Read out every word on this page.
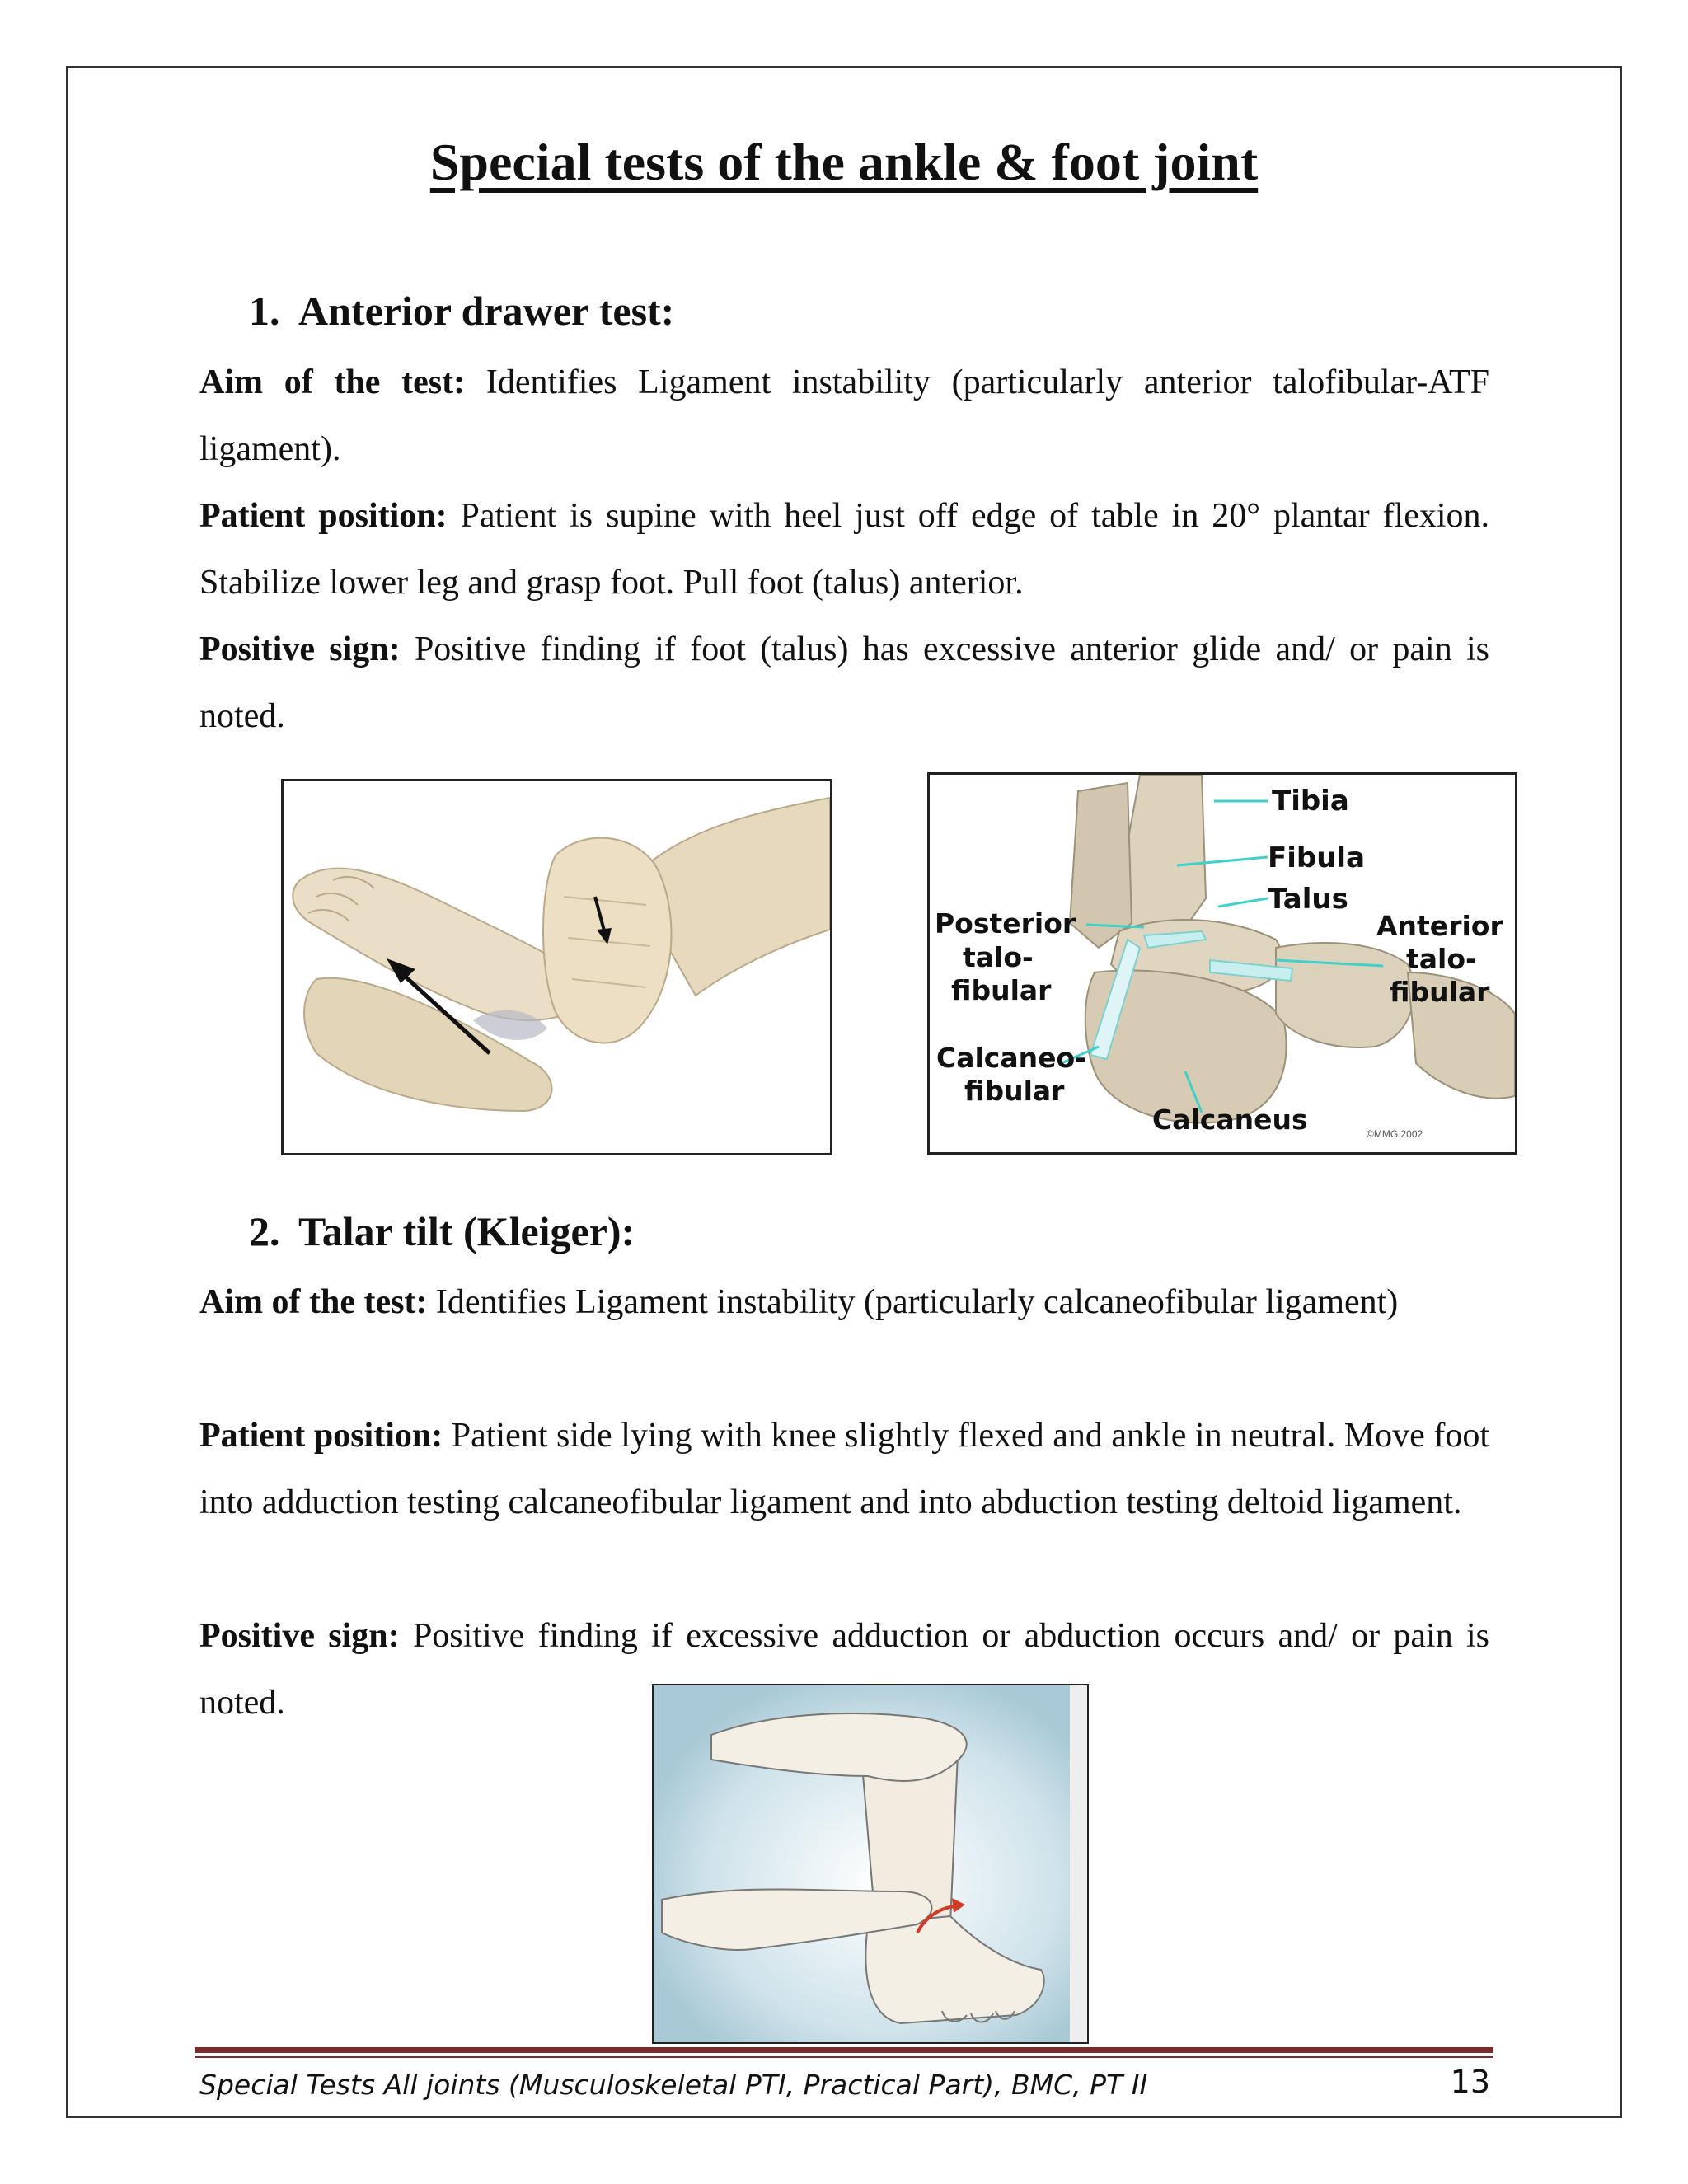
Special tests of the ankle & foot joint
1. Anterior drawer test:
Aim of the test: Identifies Ligament instability (particularly anterior talofibular-ATF ligament).
Patient position: Patient is supine with heel just off edge of table in 20° plantar flexion. Stabilize lower leg and grasp foot. Pull foot (talus) anterior.
Positive sign: Positive finding if foot (talus) has excessive anterior glide and/ or pain is noted.
Tibia
Fibula
Talus
Posterior
talo-
fibular
Anterior
talo-
fibular
Calcaneo-
fibular
Calcaneus	©MMG 2002
2. Talar tilt (Kleiger):
Aim of the test: Identifies Ligament instability (particularly calcaneofibular ligament)
Patient position: Patient side lying with knee slightly flexed and ankle in neutral. Move foot into adduction testing calcaneofibular ligament and into abduction testing deltoid ligament.
Positive sign: Positive finding if excessive adduction or abduction occurs and/ or pain is noted.
Special Tests All joints (Musculoskeletal PTI, Practical Part), BMC, PT II	13
